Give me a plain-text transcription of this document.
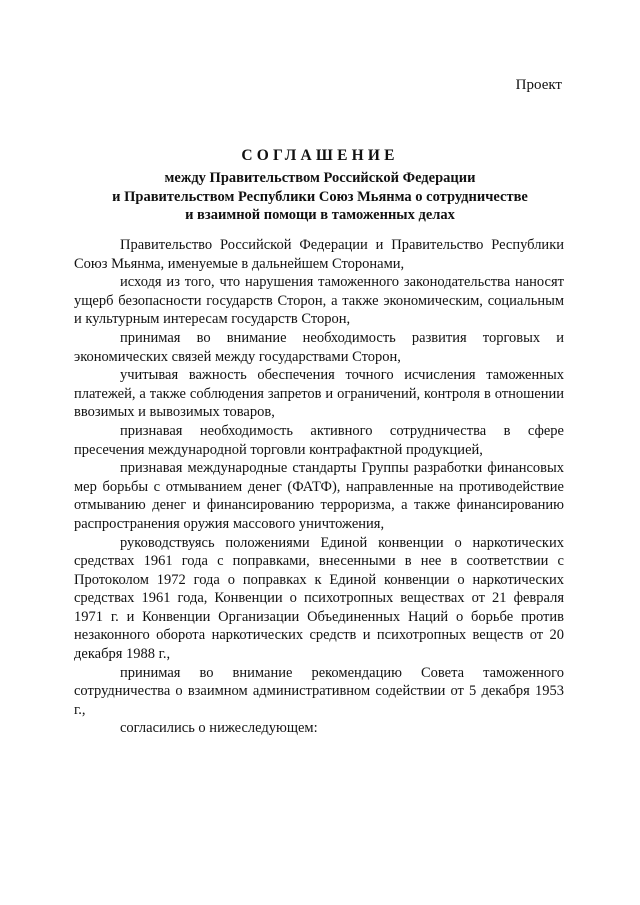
Проект
СОГЛАШЕНИЕ
между Правительством Российской Федерации
и Правительством Республики Союз Мьянма о сотрудничестве
и взаимной помощи в таможенных делах

Правительство Российской Федерации и Правительство Республики Союз Мьянма, именуемые в дальнейшем Сторонами,

исходя из того, что нарушения таможенного законодательства наносят ущерб безопасности государств Сторон, а также экономическим, социальным и культурным интересам государств Сторон,

принимая во внимание необходимость развития торговых и экономических связей между государствами Сторон,

учитывая важность обеспечения точного исчисления таможенных платежей, а также соблюдения запретов и ограничений, контроля в отношении ввозимых и вывозимых товаров,

признавая необходимость активного сотрудничества в сфере пресечения международной торговли контрафактной продукцией,

признавая международные стандарты Группы разработки финансовых мер борьбы с отмыванием денег (ФАТФ), направленные на противодействие отмыванию денег и финансированию терроризма, а также финансированию распространения оружия массового уничтожения,

руководствуясь положениями Единой конвенции о наркотических средствах 1961 года с поправками, внесенными в нее в соответствии с Протоколом 1972 года о поправках к Единой конвенции о наркотических средствах 1961 года, Конвенции о психотропных веществах от 21 февраля 1971 г. и Конвенции Организации Объединенных Наций о борьбе против незаконного оборота наркотических средств и психотропных веществ от 20 декабря 1988 г.,

принимая во внимание рекомендацию Совета таможенного сотрудничества о взаимном административном содействии от 5 декабря 1953 г.,

согласились о нижеследующем:
